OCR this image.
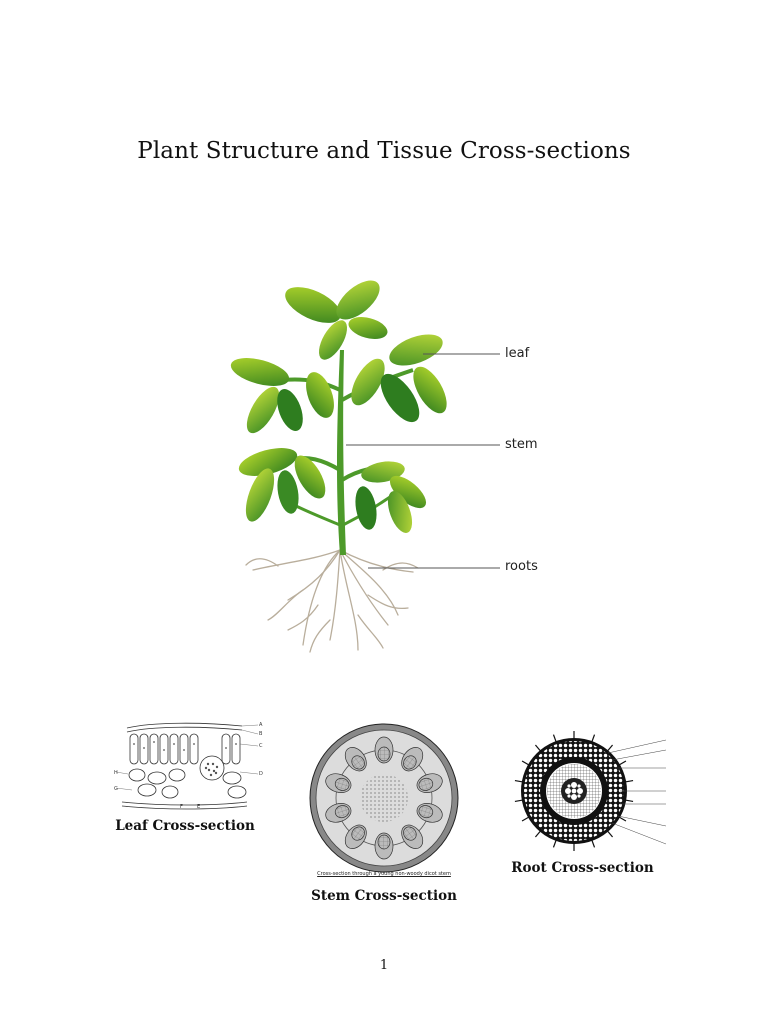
Plant Structure and Tissue Cross-sections
leaf
stem
roots
A
B
C
D
E
F
G
H
Leaf Cross-section
Cross-section through a young non-woody dicot stem
Stem Cross-section
Root Cross-section
1
